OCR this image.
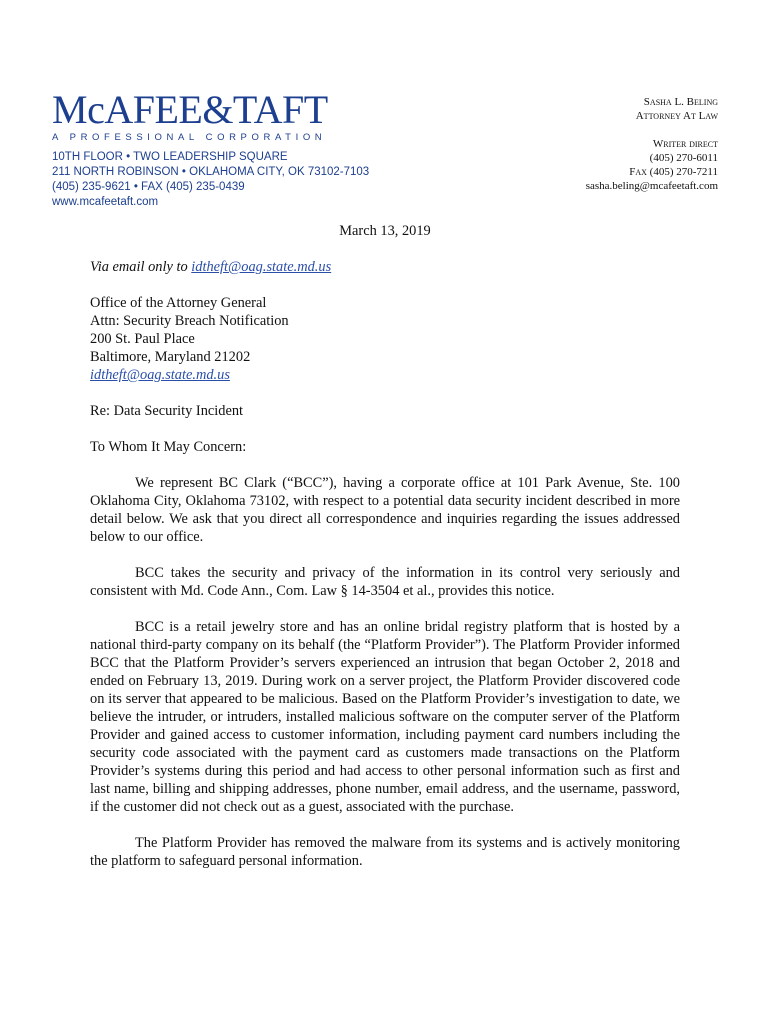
McAFEE&TAFT
A PROFESSIONAL CORPORATION
10TH FLOOR • TWO LEADERSHIP SQUARE
211 NORTH ROBINSON • OKLAHOMA CITY, OK 73102-7103
(405) 235-9621 • FAX (405) 235-0439
www.mcafeetaft.com
Sasha L. Beling
Attorney At Law
Writer direct
(405) 270-6011
Fax (405) 270-7211
sasha.beling@mcafeetaft.com
March 13, 2019
Via email only to idtheft@oag.state.md.us
Office of the Attorney General
Attn: Security Breach Notification
200 St. Paul Place
Baltimore, Maryland 21202
idtheft@oag.state.md.us
Re: Data Security Incident
To Whom It May Concern:

We represent BC Clark (“BCC”), having a corporate office at 101 Park Avenue, Ste. 100 Oklahoma City, Oklahoma 73102, with respect to a potential data security incident described in more detail below. We ask that you direct all correspondence and inquiries regarding the issues addressed below to our office.

BCC takes the security and privacy of the information in its control very seriously and consistent with Md. Code Ann., Com. Law § 14-3504 et al., provides this notice.

BCC is a retail jewelry store and has an online bridal registry platform that is hosted by a national third-party company on its behalf (the “Platform Provider”). The Platform Provider informed BCC that the Platform Provider’s servers experienced an intrusion that began October 2, 2018 and ended on February 13, 2019. During work on a server project, the Platform Provider discovered code on its server that appeared to be malicious. Based on the Platform Provider’s investigation to date, we believe the intruder, or intruders, installed malicious software on the computer server of the Platform Provider and gained access to customer information, including payment card numbers including the security code associated with the payment card as customers made transactions on the Platform Provider’s systems during this period and had access to other personal information such as first and last name, billing and shipping addresses, phone number, email address, and the username, password, if the customer did not check out as a guest, associated with the purchase.

The Platform Provider has removed the malware from its systems and is actively monitoring the platform to safeguard personal information.
